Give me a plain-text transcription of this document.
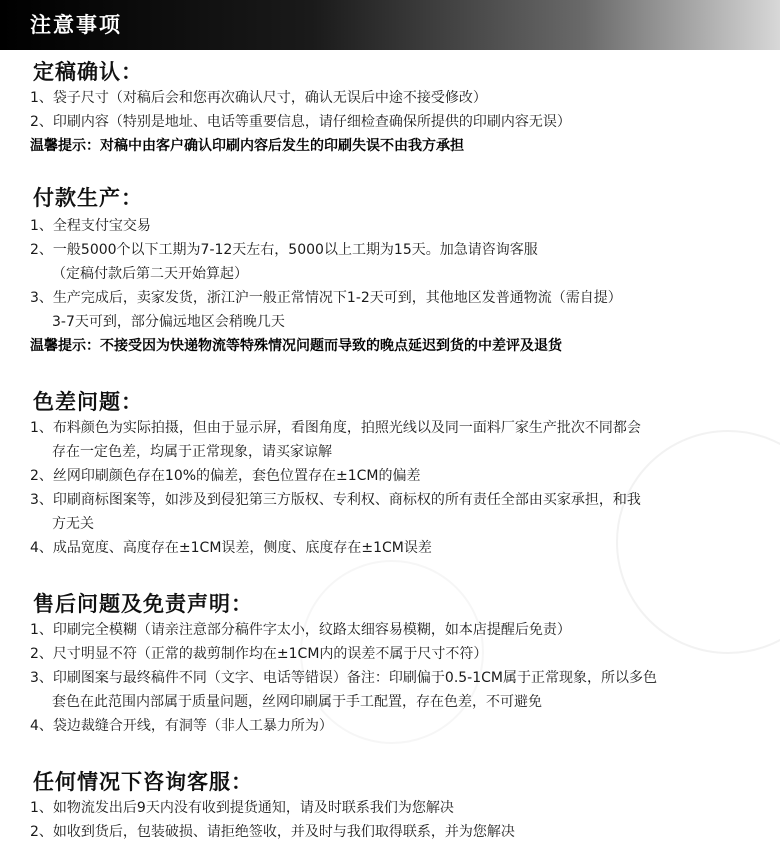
注意事项
定稿确认：
1、袋子尺寸（对稿后会和您再次确认尺寸，确认无误后中途不接受修改）
2、印刷内容（特别是地址、电话等重要信息，请仔细检查确保所提供的印刷内容无误）
温馨提示：对稿中由客户确认印刷内容后发生的印刷失误不由我方承担
付款生产：
1、全程支付宝交易
2、一般5000个以下工期为7-12天左右，5000以上工期为15天。加急请咨询客服
（定稿付款后第二天开始算起）
3、生产完成后，卖家发货，浙江沪一般正常情况下1-2天可到，其他地区发普通物流（需自提）
3-7天可到，部分偏远地区会稍晚几天
温馨提示：不接受因为快递物流等特殊情况问题而导致的晚点延迟到货的中差评及退货
色差问题：
1、布料颜色为实际拍摄，但由于显示屏，看图角度，拍照光线以及同一面料厂家生产批次不同都会
存在一定色差，均属于正常现象，请买家谅解
2、丝网印刷颜色存在10%的偏差，套色位置存在±1CM的偏差
3、印刷商标图案等，如涉及到侵犯第三方版权、专利权、商标权的所有责任全部由买家承担，和我
方无关
4、成品宽度、高度存在±1CM误差，侧度、底度存在±1CM误差
售后问题及免责声明：
1、印刷完全模糊（请亲注意部分稿件字太小，纹路太细容易模糊，如本店提醒后免责）
2、尺寸明显不符（正常的裁剪制作均在±1CM内的误差不属于尺寸不符）
3、印刷图案与最终稿件不同（文字、电话等错误）备注：印刷偏于0.5-1CM属于正常现象，所以多色
套色在此范围内部属于质量问题，丝网印刷属于手工配置，存在色差，不可避免
4、袋边裁缝合开线，有洞等（非人工暴力所为）
任何情况下咨询客服：
1、如物流发出后9天内没有收到提货通知，请及时联系我们为您解决
2、如收到货后，包装破损、请拒绝签收，并及时与我们取得联系，并为您解决
